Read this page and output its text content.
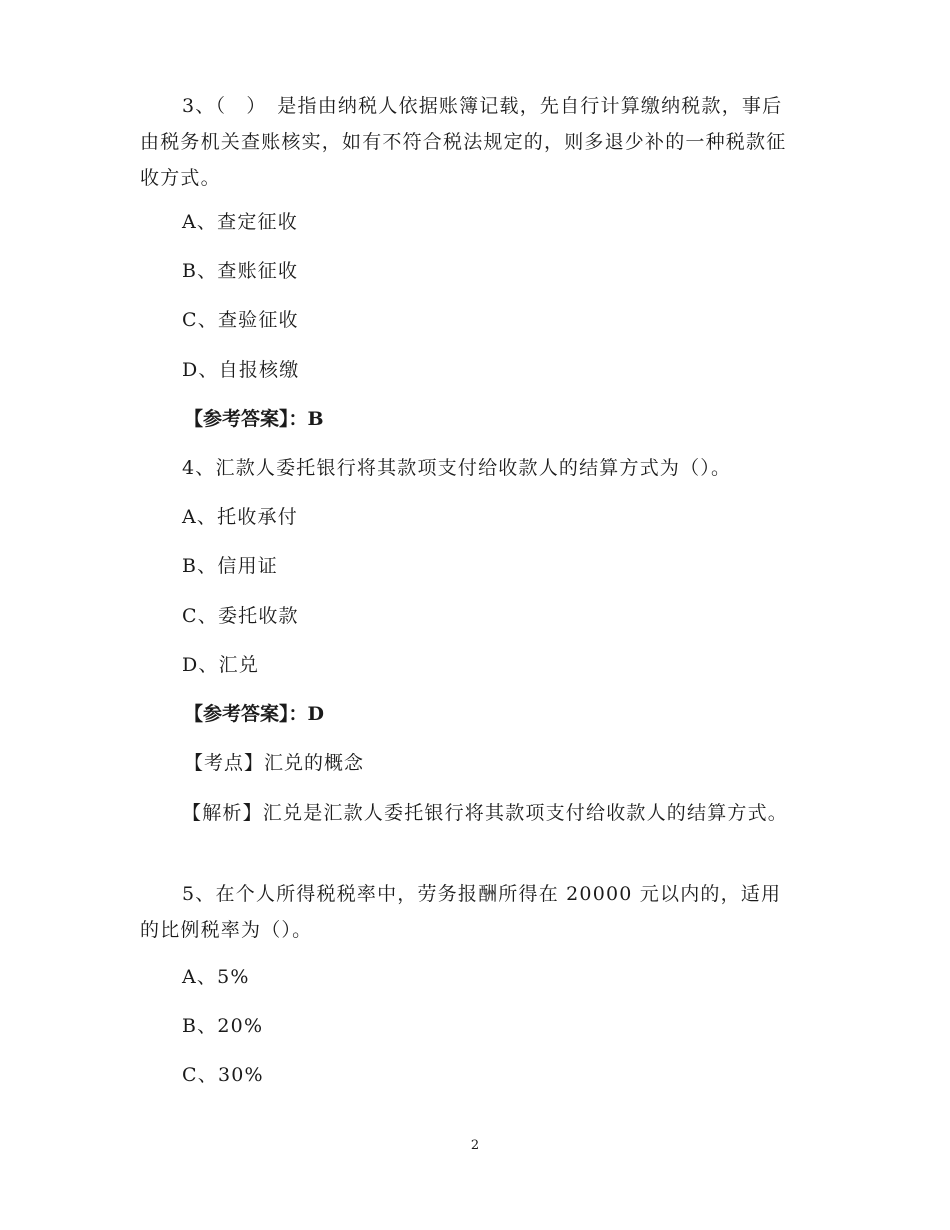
3、（　）　是指由纳税人依据账簿记载，先自行计算缴纳税款，事后由税务机关查账核实，如有不符合税法规定的，则多退少补的一种税款征收方式。
A、查定征收
B、查账征收
C、查验征收
D、自报核缴
【参考答案】：B
4、汇款人委托银行将其款项支付给收款人的结算方式为（）。
A、托收承付
B、信用证
C、委托收款
D、汇兑
【参考答案】：D
【考点】汇兑的概念
【解析】汇兑是汇款人委托银行将其款项支付给收款人的结算方式。
5、在个人所得税税率中，劳务报酬所得在 20000 元以内的，适用的比例税率为（）。
A、5%
B、20%
C、30%
2
